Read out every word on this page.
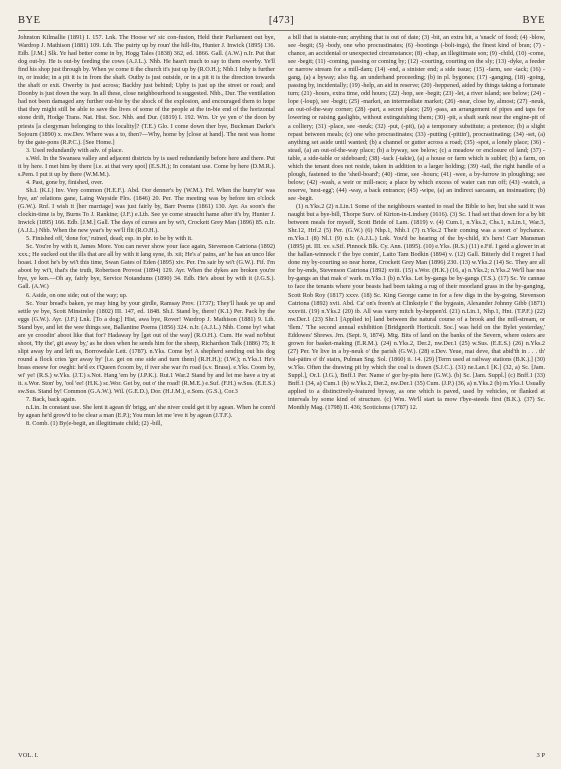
BYE	[473]	BYE

Johnston Kilmallie (1891) I. 157. Lnk. The Hoose wi' sic con-fusion, Held their Parliament out bye, Wardrop J. Mathison (1881) 109. Lth. The puirty up by roun' the hill-fits, Hunter J. Inwick (1895) 136. Edb. [J.M.] Slk. Ye had better come in by, Hogg Tales (1838) 362, ed. 1866. Gall. (A.W.) n.Ir. Put that dog out-by. He is out-by feeding the cows (A.J.L.). Nhb. He hasn't much to say to them owerby. Ye'll find his shop just through by. When ye come ti the church it's just up by (R.O.H.); Nhb.1 Inby is further in, or inside; in a pit it is in from the shaft. Outby is just outside, or in a pit it is the direction towards the shaft or exit. Owerby is just across; Backby just behind; Upby is just up the street or road; and Doonby is just down the way. In all these, close neighbourhood is suggested. Nhb., Dur. The ventilation had not been damaged any further out-bie by the shock of the explosion, and encouraged them to hope that they might still be able to save the lives of some of the people at the in-bie end of the horizontal stone drift, Hodge Trans. Nat. Hist. Soc. Nhb. and Dur. (1819) I. 192. Wm. Ur ye yen o' the doon by priests [a clergyman belonging to this locality]? (T.E.) Glo. I come down ther bye, Buckman Darke's Sojourn (1890) x. nw.Dev. Where was a to, then?—Why, home by [close at hand]. The nest was home by the gate-pons (R.P.C.). [See Home.]

3. Used redundantly with adv. of place.

s.Wel. In the Swansea valley and adjacent districts by is used redundantly before here and there. Put it by here. I met him by there [i.e. at that very spot] (E.S.H.); In constant use. Come by here (D.M.R.). s.Pem. I put it up by there (W.M.M.).

4. Past, gone by, finished, over.

Sh.I. (K.I.) Inv. Very common (H.E.F.). Abd. Oor denner's by (W.M.). Frf. When the burry'in' was bye, an' relations gane, Laing Wayside Flrs. (1846) 20. Per. The meeting was by before ten o'clock (G.W.). Rnf. I wish it [her marriage] was just fairly by, Barr Poems (1861) 130. Ayr. As soon's the clockin-time is by, Burns To J. Rankine; (J.F.) e.Lth. See ye come straucht hame after it's by, Hunter J. Inwick (1895) 166. Edb. [J.M.] Gall. The days of curses are by wi't, Crockett Grey Man (1896) 85. n.Ir. (A.J.L.) Nhb. When the new year's by we'll flit (R.O.H.).

5. Finished off, 'done for,' ruined, dead; esp. in phr. to be by with it.

Sc. You're by with it, James More. You can never show your face again, Stevenson Catriona (1892) xxx.; He sucked out the ills that are all by with it lang syne, ib. xii; He's a' pains, an' he has an unco like hoast. I doot he's by wi't this time, Swan Gates of Eden (1895) xiv. Per. I'm sair by wi't (G.W.). Fif. I'm aboot by wi't, that's the truth, Robertson Provost (1894) 129. Ayr. When the dykes are broken you're bye, ye ken.—Oh ay, fairly bye, Service Notandums (1890) 34. Edb. He's about by with it (J.G.S.). Gall. (A.W.)

6. Aside, on one side; out of the way; up.

Sc. Your bread's baken, ye may hing by your girdle, Ramsay Prov. (1737); They'll hauk ye up and settle ye bye, Scott Minstrelsy (1802) III. 147, ed. 1848. Sh.I. Stand by, there! (K.I.) Per. Pack by the eggs (G.W.). Ayr. (J.F.) Lnk. [To a dog:] Hist, awa bye, Rover! Wardrop J. Mathison (1881) 9. Lth. Stand bye, and let the wee things see, Ballantine Poems (1856) 324. n.Ir. (A.J.L.) Nhb. Come by! what are ye croodin' aboot like that for? Hadaway by [get out of the way] (R.O.H.). Cum. He wad no'bbut shoot, 'Hy the', git away by,' as he does when he sends him for the sheep, Richardson Talk (1886) 75; It slipt away by and left us, Borrowdale Lett. (1787). n.Yks. Come by! A shepherd sending out his dog round a flock cries 'ger away by' [i.e. get on one side and turn them] (R.H.H.); (I.W.); n.Yks.1 He's brass eneew for owght: he'd ex t'Queen t'coom by, if iver she war i'n road (s.v. Brass). e.Yks. Coom by, wi' ye! (R.S.) w.Yks. (J.T.) s.Not. Hang 'em by (J.P.K.). Rut.1 War.2 Stand by and let me have a try at it. s.Wor. Ston' by, 'ool 'ee! (H.K.) sc.Wor. Get by, out o' the road! (R.M.E.) e.Suf. (F.H.) w.Sus. (E.E.S.) sw.Sus. Stand by! Common (G.A.W.). Wil. (G.E.D.), Dor. (H.J.M.), e.Som. (G.S.), Cor.3

7. Back, back again.

n.Lin. In constant use. She lent it agean th' brigg, an' she niver could get it by agean. When he com'd by agean he'd grow'd to be clear a man (E.P.); You mun let me 'eve it by agean (J.T.F.).

8. Comb. (1) By(e-begit, an illegitimate child; (2) -bill,

a bill that is statute-run; anything that is out of date; (3) -bit, an extra bit, a 'snack' of food; (4) -blow, see -begit; (5) -body, one who procrastinates; (6) -bootings (-bolt-ings), the finest kind of bran; (7) -chance, an accidental or unexpected circumstance; (8) -chap, an illegitimate son; (9) -child, (10) -come, see -begit; (11) -coming, passing or coming by; (12) -courting, courting on the sly; (13) -dyke, a feeder or narrow stream for a mill-dam; (14) -end, a sinister end; a side issue; (15) -farm, see -tack; (16) -gang, (a) a byway; also fig. an underhand proceeding; (b) in pl. bygones; (17) -ganging, (18) -going, passing by, incidentally; (19) -help, an aid in reserve; (20) -heppened, aided by things taking a fortunate turn; (21) -hours, extra time, odd hours; (22) -hop, see -begit; (23) -let, a river island; see below; (24) -lope (-loup), see -begit; (25) -market, an intermediate market; (26) -near, close by, almost; (27) -neuk, an out-of-the-way corner; (28) -part, a secret place; (29) -pass, an arrangement of pipes and taps for lowering or raising gaslights, without extinguishing them; (30) -pit, a shaft sunk near the engine-pit of a colliery; (31) -place, see -neuk; (32) -put, (-pit), (a) a temporary substitute; a pretence; (b) a slight repast between meals; (c) one who procrastinates; (33) -putting (-pittin'), procrastinating; (34) -set, (a) anything set aside until wanted; (b) a channel or gutter across a road; (35) -spot, a lonely place; (36) -stead, (a) an out-of-the-way place; (b) a byway, see below; (c) a meadow or enclosure of land; (37) -table, a side-table or sideboard; (38) -tack (-takie), (a) a house or farm which is sublet; (b) a farm, on which the tenant does not reside, taken in addition to a larger holding; (39) -tail, the right handle of a plough, fastened to the 'sheil-board'; (40) -time, see -hours; (41) -wee, a by-furrow in ploughing; see below; (42) -wash, a weir or mill-race; a place by which excess of water can run off; (43) -watch, a reserve, 'nest-egg'; (44) -way, a back entrance; (45) -wipe, (a) an indirect sarcasm, an insinuation; (b) see -begit.

(1) n.Yks.2 (2) n.Lin.1 Some of the neighbours wanted to read the Bible to her, but she said it was naught but a bye-bill, Thorpe Surv. of Kirton-in-Lindsey (1616). (3) Sc. I had set that down for a by bit between meals for myself, Scott Bride of Lam. (1819) v. (4) Cum.1, n.Yks.2, Chs.1, n.Lin.1, War.3, Shr.12, Hrf.2 (5) Per. (G.W.) (6) Nhp.1, Nhb.1 (7) n.Yks.2 Their coming was a soort o' bychance. m.Yks.1 (8) Nl.1 (9) n.Ir. (A.J.L.) Lnk. You'd be hearing of the by-child, it's hers! Carr Mansman (1895) pt. III. xv. s.Stf. Pinnock Blk. Cy. Ann. (1895). (10) e.Yks. (R.S.) (11) e.Fif. I geid a glower in at the hallan-winnock i' the bye comin', Latto Tam Bodkin (1894) v. (12) Gall. Bitterly did I regret I had done my by-courting so near home, Crockett Grey Man (1896) 230. (13) w.Yks.2 (14) Sc. They are all for by-ends, Stevenson Catriona (1892) xviii. (15) s.Wor. (H.K.) (16, a) n.Yks.2; n.Yks.2 We'll hae nea by-gangs an that mak o' wark. m.Yks.1 (b) n.Yks. Let by-gangs be by-gangs (T.S.). (17) Sc. Ye cannae to face the tenants where your beasts had been taking a rug of their moorland grass in the by-ganging, Scott Rob Roy (1817) xxxv. (18) Sc. King George came in for a few digs in the by-going, Stevenson Catriona (1892) xvii. Abd. Ca' on's freen's at Clinkstyle i' the bygeain, Alexander Johnny Gibb (1871) xxxviii. (19) n.Yks.2 (20) ib. All was varry mitch by-heppen'd. (21) n.Lin.1, Nhp.1, Hnt. (T.P.F.) (22) nw.Der.1 (23) Shr.1 [Applied to] land between the natural course of a brook and the mill-stream, or 'flem.' 'The second annual exhibition [Bridgnorth Horticult. Soc.] was held on the Bylet yesterday,' Eddowes' Shrews. Jrn. (Sept. 9, 1874). Mtg. Bits of land on the banks of the Severn, where osiers are grown for basket-making (E.R.M.). (24) n.Yks.2, Der.2, nw.Der.1 (25) w.Sus. (E.E.S.) (26) n.Yks.2 (27) Per. Ye live in a by-neuk o' the parish (G.W.). (28) e.Dev. Yeue, mai deve, that abid'th in . . . th' bai-pātirs o' th' stairs, Pulman Sng. Sol. (1860) ii. 14. (29) [Term used at railway stations (B.K.).] (30) w.Yks. Often the drawing pit by which the coal is drawn (S.J.C.). (31) ne.Lan.1 [K.] (32, a) Sc. [Jam. Suppl.], Or.I. (J.G.), Bnff.1 Per. Name o' gor by-pits here (G.W.). (b) Sc. [Jam. Suppl.] (c) Bnff.1 (33) Bnff.1 (34, a) Cum.1 (b) w.Yks.2, Der.2, nw.Der.1 (35) Cum. (J.P.) (36, a) n.Yks.2 (b) m.Yks.1 Usually applied to a distinctively-featured byway, as one which is paved, used by vehicles, or flanked at intervals by some kind of structure. (c) Wm. We'll start ta mow t'bye-steeds first (B.K.). (37) Sc. Monthly Mag. (1798) II. 436; Scoticisms (1787) 12.

VOL. I.	3 P
